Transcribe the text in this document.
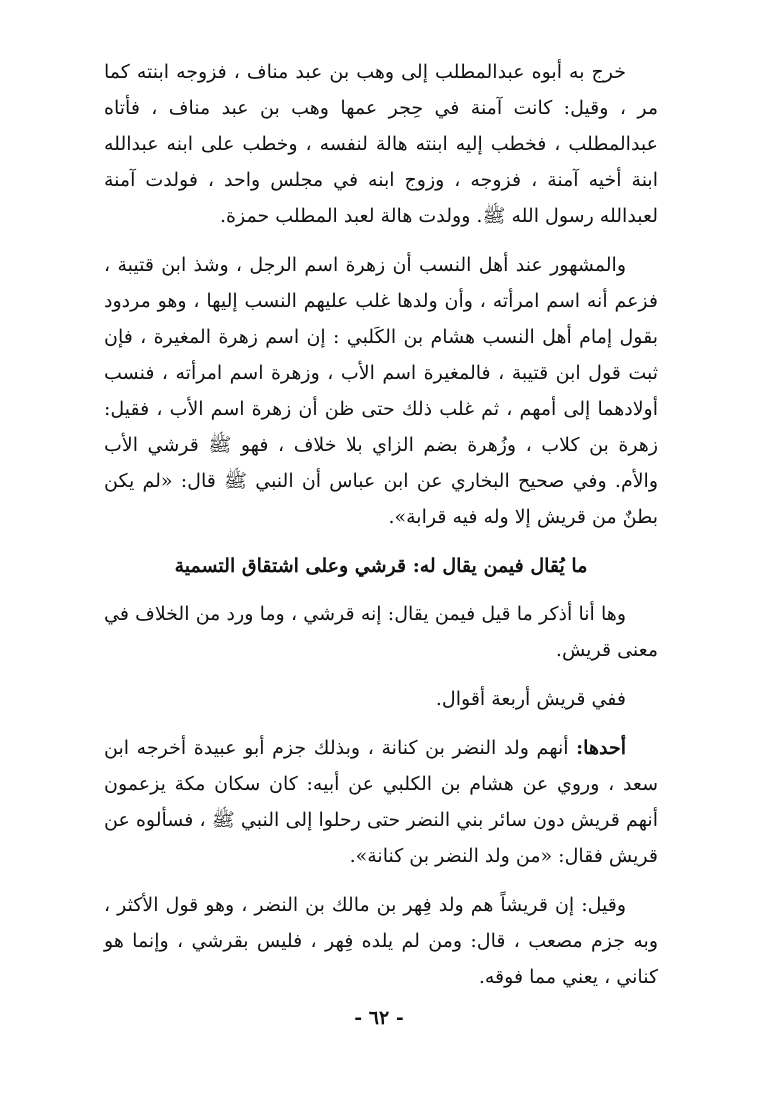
خرج به أبوه عبدالمطلب إلى وهب بن عبد مناف ، فزوجه ابنته كما مر ، وقيل: كانت آمنة في حِجر عمها وهب بن عبد مناف ، فأتاه عبدالمطلب ، فخطب إليه ابنته هالة لنفسه ، وخطب على ابنه عبدالله ابنة أخيه آمنة ، فزوجه ، وزوج ابنه في مجلس واحد ، فولدت آمنة لعبدالله رسول الله ﷺ. وولدت هالة لعبد المطلب حمزة.

والمشهور عند أهل النسب أن زهرة اسم الرجل ، وشذ ابن قتيبة ، فزعم أنه اسم امرأته ، وأن ولدها غلب عليهم النسب إليها ، وهو مردود بقول إمام أهل النسب هشام بن الكَلبي : إن اسم زهرة المغيرة ، فإن ثبت قول ابن قتيبة ، فالمغيرة اسم الأب ، وزهرة اسم امرأته ، فنسب أولادهما إلى أمهم ، ثم غلب ذلك حتى ظن أن زهرة اسم الأب ، فقيل: زهرة بن كلاب ، وزُهرة بضم الزاي بلا خلاف ، فهو ﷺ قرشي الأب والأم. وفي صحيح البخاري عن ابن عباس أن النبي ﷺ قال: «لم يكن بطنٌ من قريش إلا وله فيه قرابة».

ما يُقال فيمن يقال له: قرشي وعلى اشتقاق التسمية

وها أنا أذكر ما قيل فيمن يقال: إنه قرشي ، وما ورد من الخلاف في معنى قريش.

ففي قريش أربعة أقوال.

أحدها: أنهم ولد النضر بن كنانة ، وبذلك جزم أبو عبيدة أخرجه ابن سعد ، وروي عن هشام بن الكلبي عن أبيه: كان سكان مكة يزعمون أنهم قريش دون سائر بني النضر حتى رحلوا إلى النبي ﷺ ، فسألوه عن قريش فقال: «من ولد النضر بن كنانة».

وقيل: إن قريشاً هم ولد فِهر بن مالك بن النضر ، وهو قول الأكثر ، وبه جزم مصعب ، قال: ومن لم يلده فِهر ، فليس بقرشي ، وإنما هو كناني ، يعني مما فوقه.

- ٦٢ -
